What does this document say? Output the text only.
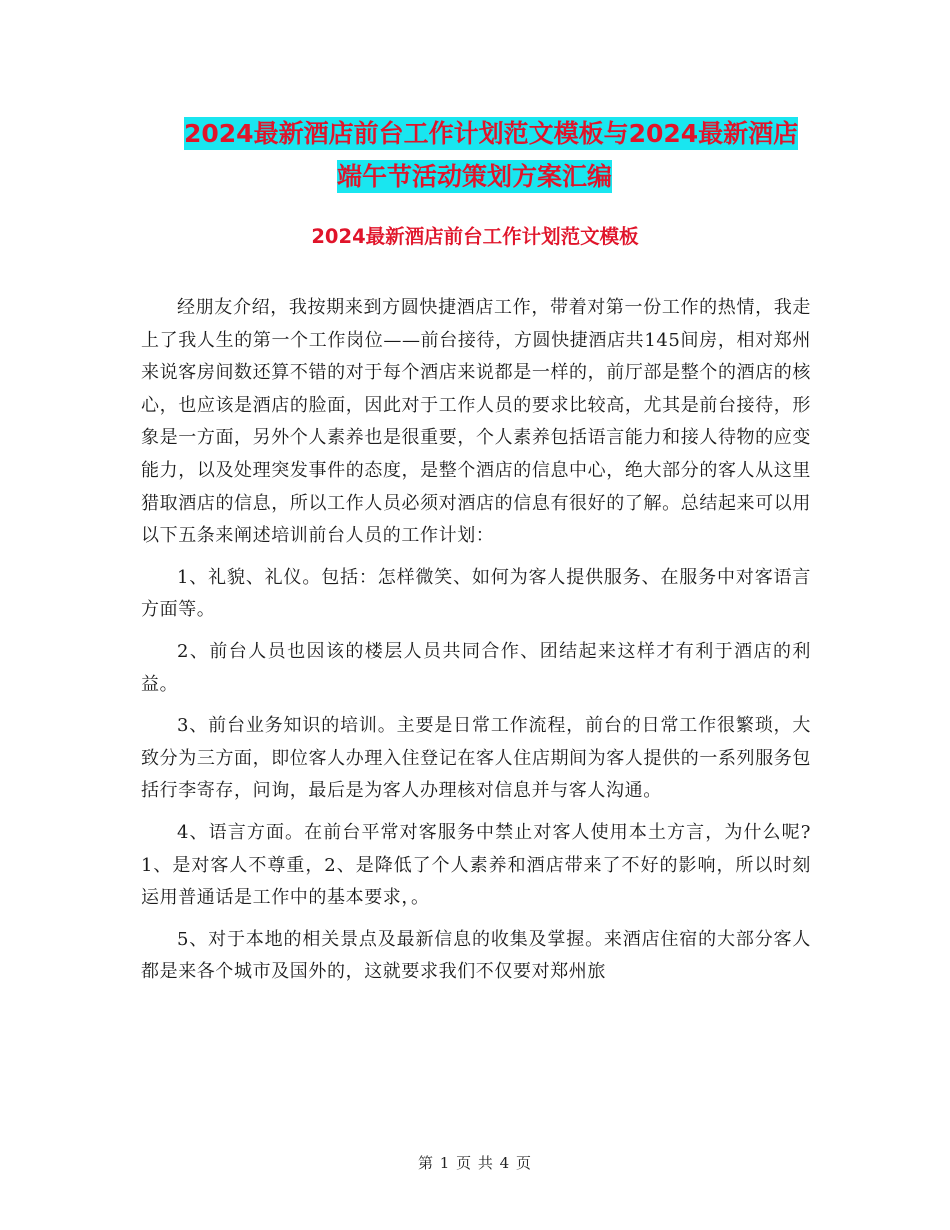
2024最新酒店前台工作计划范文模板与2024最新酒店
端午节活动策划方案汇编
2024最新酒店前台工作计划范文模板

经朋友介绍，我按期来到方圆快捷酒店工作，带着对第一份工作的热情，我走上了我人生的第一个工作岗位——前台接待，方圆快捷酒店共145间房，相对郑州来说客房间数还算不错的对于每个酒店来说都是一样的，前厅部是整个的酒店的核心，也应该是酒店的脸面，因此对于工作人员的要求比较高，尤其是前台接待，形象是一方面，另外个人素养也是很重要，个人素养包括语言能力和接人待物的应变能力，以及处理突发事件的态度，是整个酒店的信息中心，绝大部分的客人从这里猎取酒店的信息，所以工作人员必须对酒店的信息有很好的了解。总结起来可以用以下五条来阐述培训前台人员的工作计划：

1、礼貌、礼仪。包括：怎样微笑、如何为客人提供服务、在服务中对客语言方面等。

2、前台人员也因该的楼层人员共同合作、团结起来这样才有利于酒店的利益。

3、前台业务知识的培训。主要是日常工作流程，前台的日常工作很繁琐，大致分为三方面，即位客人办理入住登记在客人住店期间为客人提供的一系列服务包括行李寄存，问询，最后是为客人办理核对信息并与客人沟通。

4、语言方面。在前台平常对客服务中禁止对客人使用本土方言，为什么呢?1、是对客人不尊重，2、是降低了个人素养和酒店带来了不好的影响，所以时刻运用普通话是工作中的基本要求，。

5、对于本地的相关景点及最新信息的收集及掌握。来酒店住宿的大部分客人都是来各个城市及国外的，这就要求我们不仅要对郑州旅

第 1 页 共 4 页
